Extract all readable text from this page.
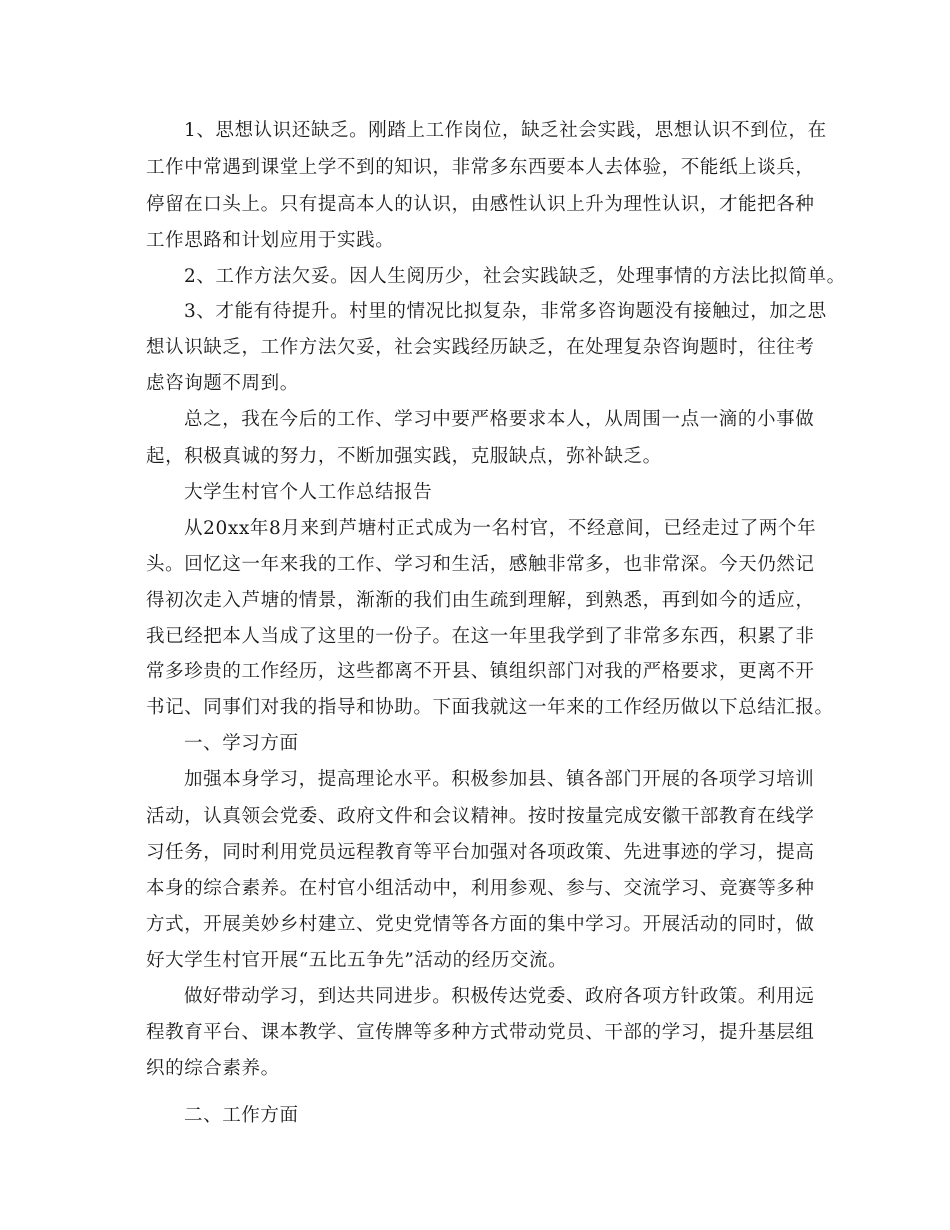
1、思想认识还缺乏。刚踏上工作岗位，缺乏社会实践，思想认识不到位，在
工作中常遇到课堂上学不到的知识，非常多东西要本人去体验，不能纸上谈兵，
停留在口头上。只有提高本人的认识，由感性认识上升为理性认识，才能把各种
工作思路和计划应用于实践。
2、工作方法欠妥。因人生阅历少，社会实践缺乏，处理事情的方法比拟简单。
3、才能有待提升。村里的情况比拟复杂，非常多咨询题没有接触过，加之思
想认识缺乏，工作方法欠妥，社会实践经历缺乏，在处理复杂咨询题时，往往考
虑咨询题不周到。
总之，我在今后的工作、学习中要严格要求本人，从周围一点一滴的小事做
起，积极真诚的努力，不断加强实践，克服缺点，弥补缺乏。
大学生村官个人工作总结报告
从20xx年8月来到芦塘村正式成为一名村官，不经意间，已经走过了两个年
头。回忆这一年来我的工作、学习和生活，感触非常多，也非常深。今天仍然记
得初次走入芦塘的情景，渐渐的我们由生疏到理解，到熟悉，再到如今的适应，
我已经把本人当成了这里的一份子。在这一年里我学到了非常多东西，积累了非
常多珍贵的工作经历，这些都离不开县、镇组织部门对我的严格要求，更离不开
书记、同事们对我的指导和协助。下面我就这一年来的工作经历做以下总结汇报。
一、学习方面
加强本身学习，提高理论水平。积极参加县、镇各部门开展的各项学习培训
活动，认真领会党委、政府文件和会议精神。按时按量完成安徽干部教育在线学
习任务，同时利用党员远程教育等平台加强对各项政策、先进事迹的学习，提高
本身的综合素养。在村官小组活动中，利用参观、参与、交流学习、竞赛等多种
方式，开展美妙乡村建立、党史党情等各方面的集中学习。开展活动的同时，做
好大学生村官开展“五比五争先”活动的经历交流。
做好带动学习，到达共同进步。积极传达党委、政府各项方针政策。利用远
程教育平台、课本教学、宣传牌等多种方式带动党员、干部的学习，提升基层组
织的综合素养。
二、工作方面
